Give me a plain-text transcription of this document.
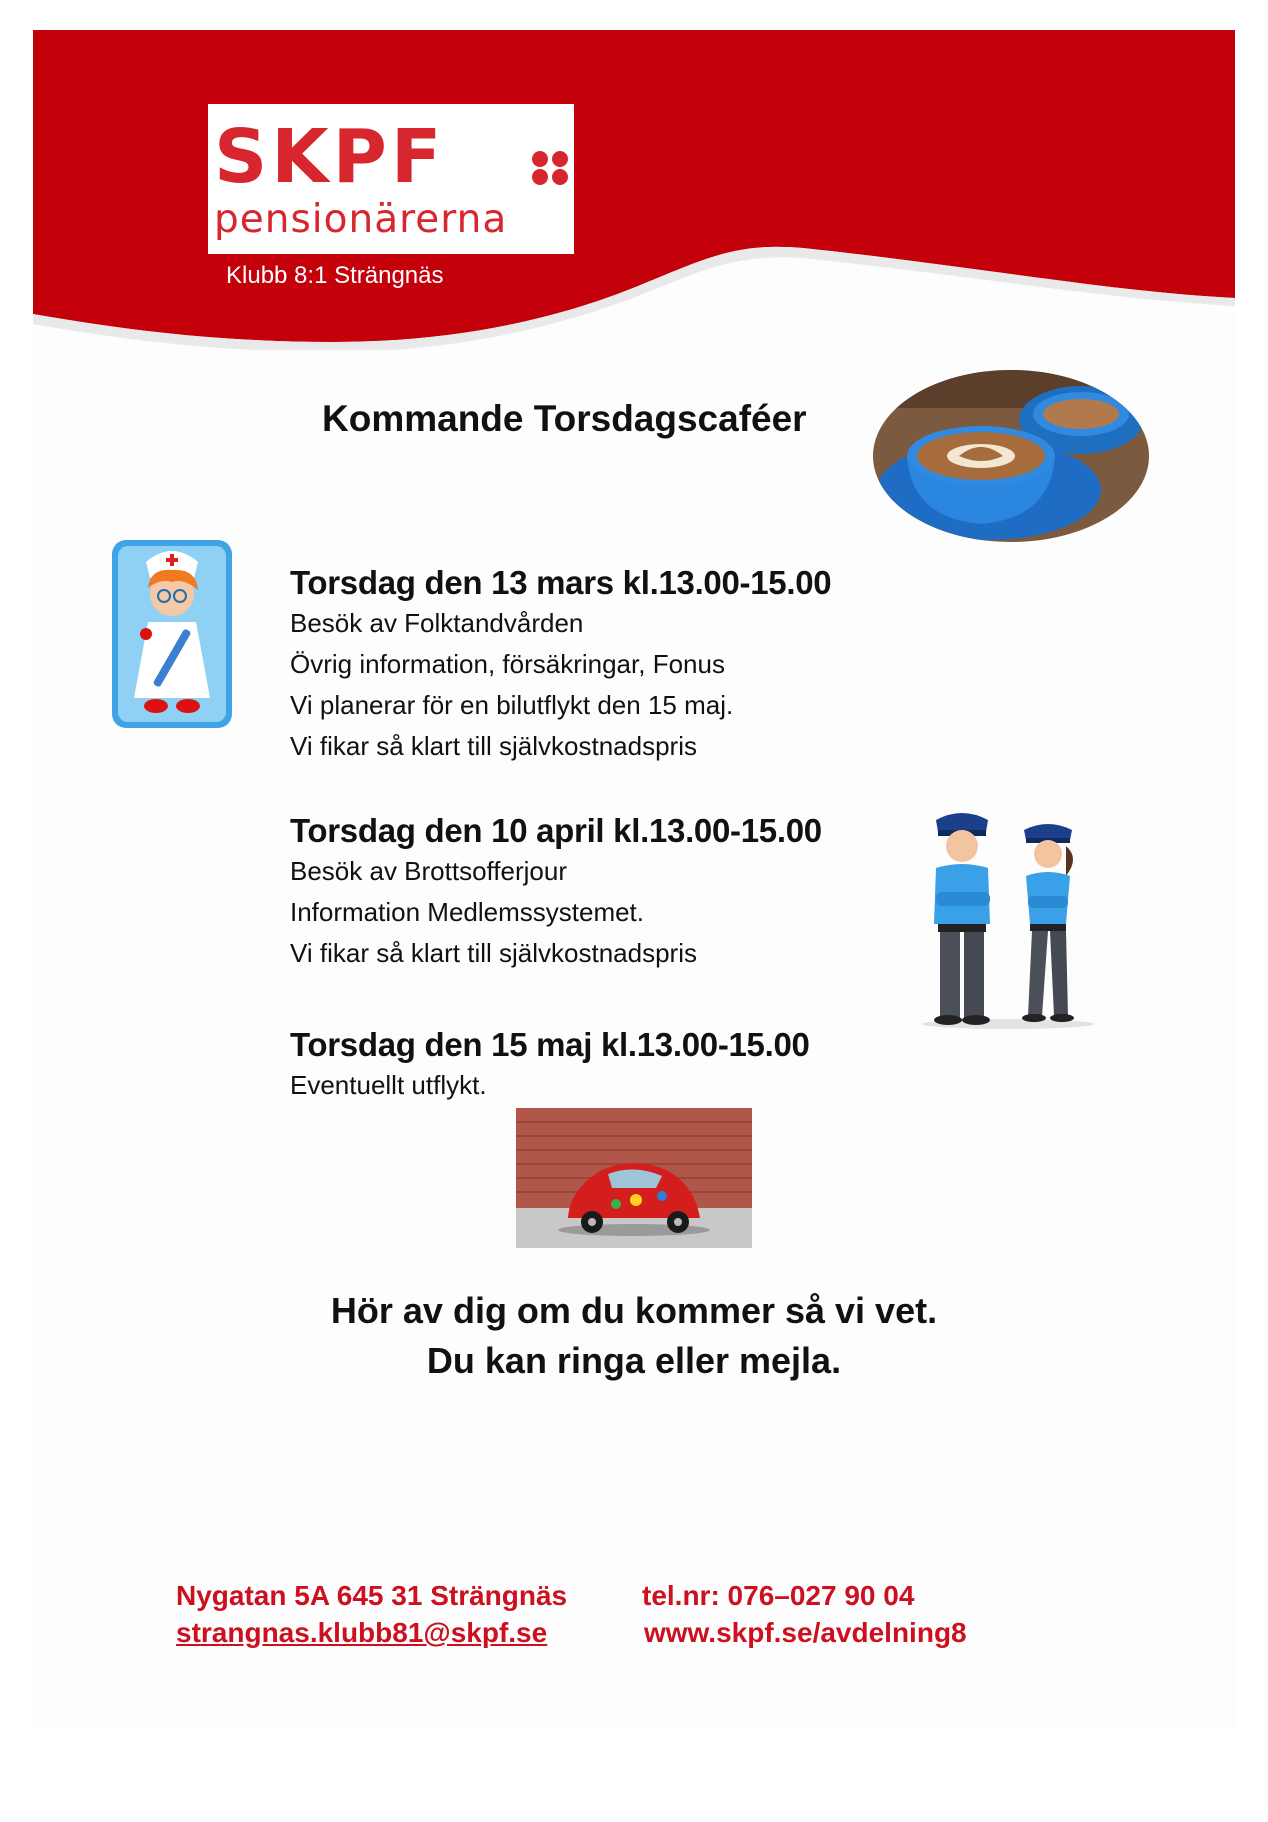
SKPF
pensionärerna
Klubb 8:1 Strängnäs
Kommande Torsdagscaféer
Torsdag den 13 mars kl.13.00-15.00
Besök av Folktandvården
Övrig information, försäkringar, Fonus
Vi planerar för en bilutflykt den 15 maj.
Vi fikar så klart till självkostnadspris
Torsdag den 10 april kl.13.00-15.00
Besök av Brottsofferjour
Information Medlemssystemet.
Vi fikar så klart till självkostnadspris
Torsdag den 15 maj kl.13.00-15.00
Eventuellt utflykt.
Hör av dig om du kommer så vi vet.
Du kan ringa eller mejla.
Nygatan 5A 645 31 Strängnäs	tel.nr: 076–027 90 04
strangnas.klubb81@skpf.se	www.skpf.se/avdelning8
